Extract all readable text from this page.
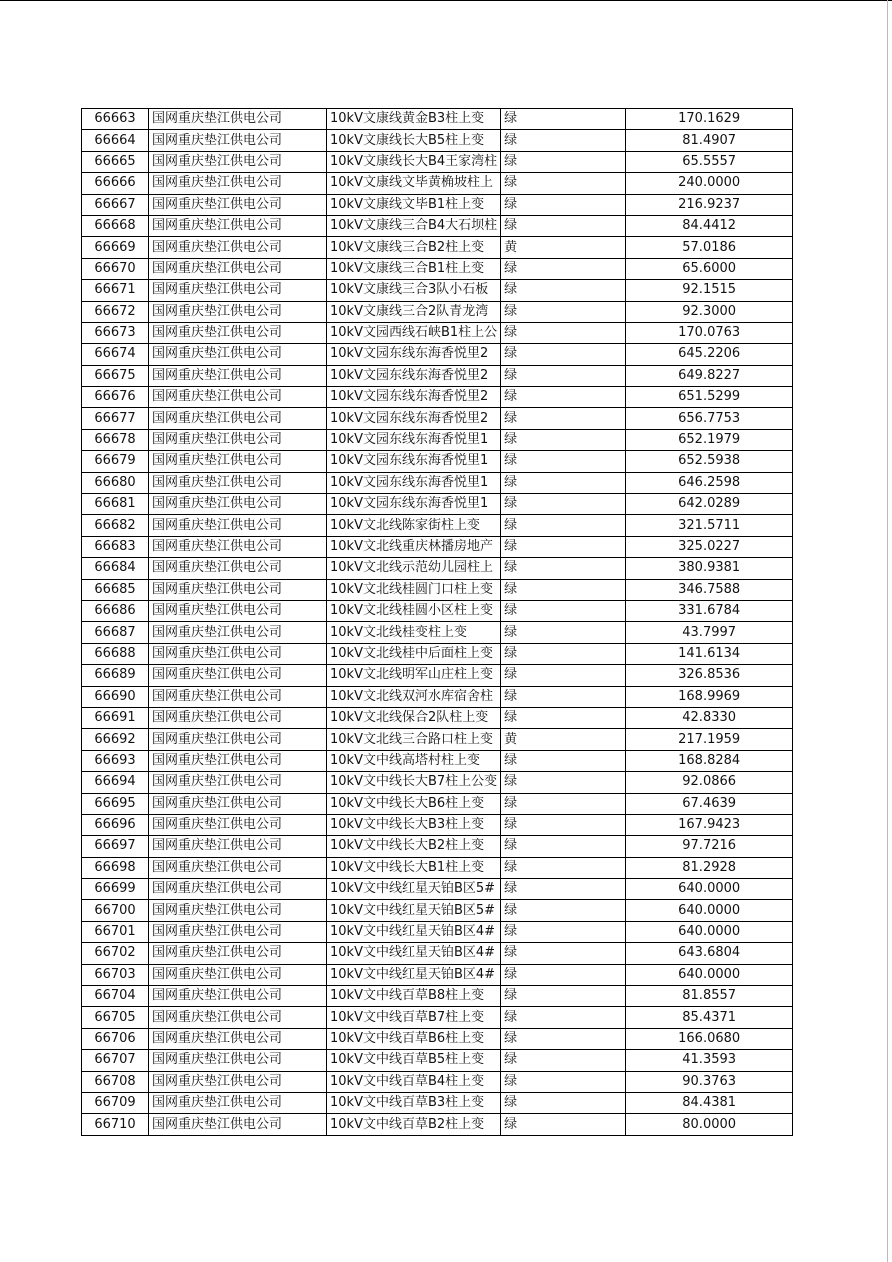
66663	国网重庆垫江供电公司	10kV文康线黄金B3柱上变	绿	170.1629
66664	国网重庆垫江供电公司	10kV文康线长大B5柱上变	绿	81.4907
66665	国网重庆垫江供电公司	10kV文康线长大B4王家湾柱	绿	65.5557
66666	国网重庆垫江供电公司	10kV文康线文毕黄桷坡柱上	绿	240.0000
66667	国网重庆垫江供电公司	10kV文康线文毕B1柱上变	绿	216.9237
66668	国网重庆垫江供电公司	10kV文康线三合B4大石坝柱	绿	84.4412
66669	国网重庆垫江供电公司	10kV文康线三合B2柱上变	黄	57.0186
66670	国网重庆垫江供电公司	10kV文康线三合B1柱上变	绿	65.6000
66671	国网重庆垫江供电公司	10kV文康线三合3队小石板	绿	92.1515
66672	国网重庆垫江供电公司	10kV文康线三合2队青龙湾	绿	92.3000
66673	国网重庆垫江供电公司	10kV文园西线石峡B1柱上公	绿	170.0763
66674	国网重庆垫江供电公司	10kV文园东线东海香悦里2	绿	645.2206
66675	国网重庆垫江供电公司	10kV文园东线东海香悦里2	绿	649.8227
66676	国网重庆垫江供电公司	10kV文园东线东海香悦里2	绿	651.5299
66677	国网重庆垫江供电公司	10kV文园东线东海香悦里2	绿	656.7753
66678	国网重庆垫江供电公司	10kV文园东线东海香悦里1	绿	652.1979
66679	国网重庆垫江供电公司	10kV文园东线东海香悦里1	绿	652.5938
66680	国网重庆垫江供电公司	10kV文园东线东海香悦里1	绿	646.2598
66681	国网重庆垫江供电公司	10kV文园东线东海香悦里1	绿	642.0289
66682	国网重庆垫江供电公司	10kV文北线陈家街柱上变	绿	321.5711
66683	国网重庆垫江供电公司	10kV文北线重庆林播房地产	绿	325.0227
66684	国网重庆垫江供电公司	10kV文北线示范幼儿园柱上	绿	380.9381
66685	国网重庆垫江供电公司	10kV文北线桂圆门口柱上变	绿	346.7588
66686	国网重庆垫江供电公司	10kV文北线桂圆小区柱上变	绿	331.6784
66687	国网重庆垫江供电公司	10kV文北线桂变柱上变	绿	43.7997
66688	国网重庆垫江供电公司	10kV文北线桂中后面柱上变	绿	141.6134
66689	国网重庆垫江供电公司	10kV文北线明军山庄柱上变	绿	326.8536
66690	国网重庆垫江供电公司	10kV文北线双河水库宿舍柱	绿	168.9969
66691	国网重庆垫江供电公司	10kV文北线保合2队柱上变	绿	42.8330
66692	国网重庆垫江供电公司	10kV文北线三合路口柱上变	黄	217.1959
66693	国网重庆垫江供电公司	10kV文中线高塔村柱上变	绿	168.8284
66694	国网重庆垫江供电公司	10kV文中线长大B7柱上公变	绿	92.0866
66695	国网重庆垫江供电公司	10kV文中线长大B6柱上变	绿	67.4639
66696	国网重庆垫江供电公司	10kV文中线长大B3柱上变	绿	167.9423
66697	国网重庆垫江供电公司	10kV文中线长大B2柱上变	绿	97.7216
66698	国网重庆垫江供电公司	10kV文中线长大B1柱上变	绿	81.2928
66699	国网重庆垫江供电公司	10kV文中线红星天铂B区5#	绿	640.0000
66700	国网重庆垫江供电公司	10kV文中线红星天铂B区5#	绿	640.0000
66701	国网重庆垫江供电公司	10kV文中线红星天铂B区4#	绿	640.0000
66702	国网重庆垫江供电公司	10kV文中线红星天铂B区4#	绿	643.6804
66703	国网重庆垫江供电公司	10kV文中线红星天铂B区4#	绿	640.0000
66704	国网重庆垫江供电公司	10kV文中线百草B8柱上变	绿	81.8557
66705	国网重庆垫江供电公司	10kV文中线百草B7柱上变	绿	85.4371
66706	国网重庆垫江供电公司	10kV文中线百草B6柱上变	绿	166.0680
66707	国网重庆垫江供电公司	10kV文中线百草B5柱上变	绿	41.3593
66708	国网重庆垫江供电公司	10kV文中线百草B4柱上变	绿	90.3763
66709	国网重庆垫江供电公司	10kV文中线百草B3柱上变	绿	84.4381
66710	国网重庆垫江供电公司	10kV文中线百草B2柱上变	绿	80.0000
